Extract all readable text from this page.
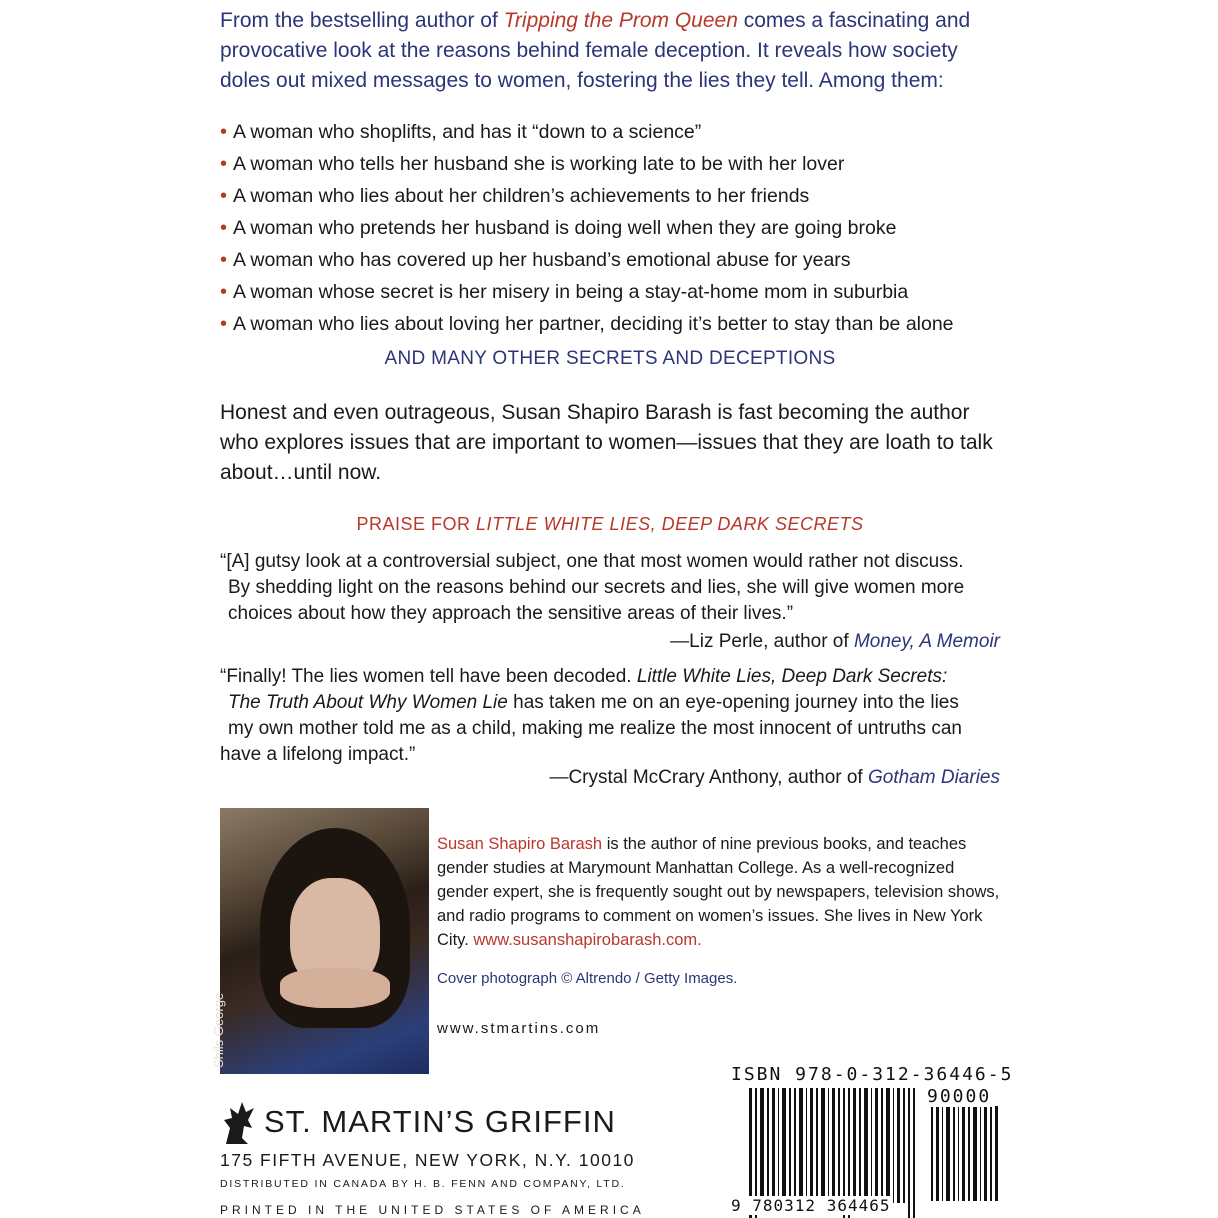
From the bestselling author of Tripping the Prom Queen comes a fascinating and provocative look at the reasons behind female deception. It reveals how society doles out mixed messages to women, fostering the lies they tell. Among them:
• A woman who shoplifts, and has it “down to a science”
• A woman who tells her husband she is working late to be with her lover
• A woman who lies about her children’s achievements to her friends
• A woman who pretends her husband is doing well when they are going broke
• A woman who has covered up her husband’s emotional abuse for years
• A woman whose secret is her misery in being a stay-at-home mom in suburbia
• A woman who lies about loving her partner, deciding it’s better to stay than be alone
AND MANY OTHER SECRETS AND DECEPTIONS
Honest and even outrageous, Susan Shapiro Barash is fast becoming the author who explores issues that are important to women—issues that they are loath to talk about…until now.
PRAISE FOR LITTLE WHITE LIES, DEEP DARK SECRETS
“[A] gutsy look at a controversial subject, one that most women would rather not discuss.
By shedding light on the reasons behind our secrets and lies, she will give women more
choices about how they approach the sensitive areas of their lives.”
—Liz Perle, author of Money, A Memoir
“Finally! The lies women tell have been decoded. Little White Lies, Deep Dark Secrets:
The Truth About Why Women Lie has taken me on an eye-opening journey into the lies
my own mother told me as a child, making me realize the most innocent of untruths can
have a lifelong impact.”
—Crystal McCrary Anthony, author of Gotham Diaries
Shils George
Susan Shapiro Barash is the author of nine previous books, and teaches gender studies at Marymount Manhattan College. As a well-recognized gender expert, she is frequently sought out by newspapers, television shows, and radio programs to comment on women’s issues. She lives in New York City. www.susanshapirobarash.com.
Cover photograph © Altrendo / Getty Images.
www.stmartins.com
ST. MARTIN’S GRIFFIN
175 FIFTH AVENUE, NEW YORK, N.Y. 10010
DISTRIBUTED IN CANADA BY H. B. FENN AND COMPANY, LTD.
PRINTED IN THE UNITED STATES OF AMERICA
ISBN 978-0-312-36446-5
90000
9 780312 364465
